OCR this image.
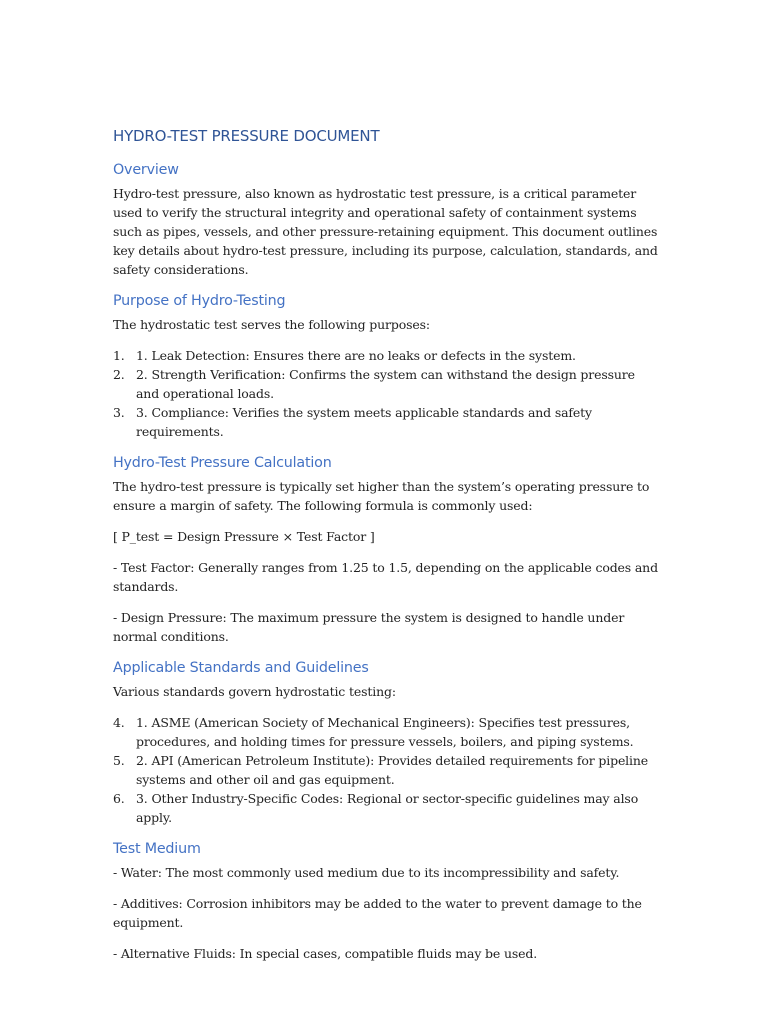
HYDRO-TEST PRESSURE DOCUMENT
Overview

Hydro-test pressure, also known as hydrostatic test pressure, is a critical parameter used to verify the structural integrity and operational safety of containment systems such as pipes, vessels, and other pressure-retaining equipment. This document outlines key details about hydro-test pressure, including its purpose, calculation, standards, and safety considerations.

Purpose of Hydro-Testing

The hydrostatic test serves the following purposes:

1. 1. Leak Detection: Ensures there are no leaks or defects in the system.
2. 2. Strength Verification: Confirms the system can withstand the design pressure and operational loads.
3. 3. Compliance: Verifies the system meets applicable standards and safety requirements.
Hydro-Test Pressure Calculation

The hydro-test pressure is typically set higher than the system’s operating pressure to ensure a margin of safety. The following formula is commonly used:

[ P_test = Design Pressure × Test Factor ]

- Test Factor: Generally ranges from 1.25 to 1.5, depending on the applicable codes and standards.

- Design Pressure: The maximum pressure the system is designed to handle under normal conditions.

Applicable Standards and Guidelines

Various standards govern hydrostatic testing:

4. 1. ASME (American Society of Mechanical Engineers): Specifies test pressures, procedures, and holding times for pressure vessels, boilers, and piping systems.
5. 2. API (American Petroleum Institute): Provides detailed requirements for pipeline systems and other oil and gas equipment.
6. 3. Other Industry-Specific Codes: Regional or sector-specific guidelines may also apply.
Test Medium

- Water: The most commonly used medium due to its incompressibility and safety.

- Additives: Corrosion inhibitors may be added to the water to prevent damage to the equipment.

- Alternative Fluids: In special cases, compatible fluids may be used.
